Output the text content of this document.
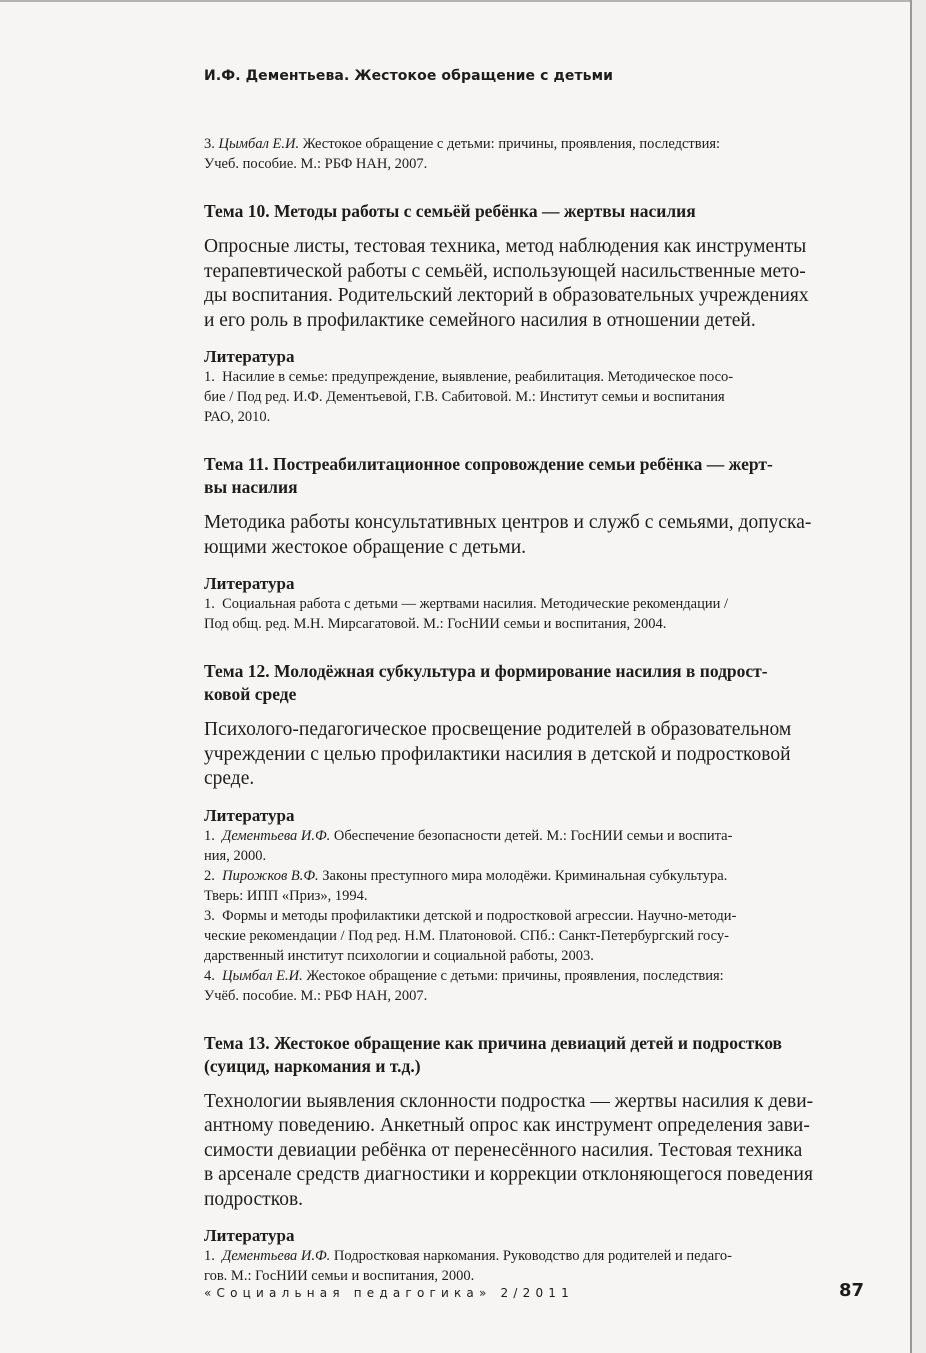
И.Ф. Дементьева. Жестокое обращение с детьми

3. Цымбал Е.И. Жестокое обращение с детьми: причины, проявления, последствия:

Учеб. пособие. М.: РБФ НАН, 2007.

Тема 10. Методы работы с семьёй ребёнка — жертвы насилия

Опросные листы, тестовая техника, метод наблюдения как инструменты

терапевтической работы с семьёй, использующей насильственные мето-

ды воспитания. Родительский лекторий в образовательных учреждениях

и его роль в профилактике семейного насилия в отношении детей.

Литература

1. Насилие в семье: предупреждение, выявление, реабилитация. Методическое посо-

бие / Под ред. И.Ф. Дементьевой, Г.В. Сабитовой. М.: Институт семьи и воспитания

РАО, 2010.

Тема 11. Постреабилитационное сопровождение семьи ребёнка — жерт-

вы насилия

Методика работы консультативных центров и служб с семьями, допуска-

ющими жестокое обращение с детьми.

Литература

1. Социальная работа с детьми — жертвами насилия. Методические рекомендации /

Под общ. ред. М.Н. Мирсагатовой. М.: ГосНИИ семьи и воспитания, 2004.

Тема 12. Молодёжная субкультура и формирование насилия в подрост-

ковой среде

Психолого-педагогическое просвещение родителей в образовательном

учреждении с целью профилактики насилия в детской и подростковой

среде.

Литература

1. Дементьева И.Ф. Обеспечение безопасности детей. М.: ГосНИИ семьи и воспита-

ния, 2000.

2. Пирожков В.Ф. Законы преступного мира молодёжи. Криминальная субкультура.

Тверь: ИПП «Приз», 1994.

3. Формы и методы профилактики детской и подростковой агрессии. Научно-методи-

ческие рекомендации / Под ред. Н.М. Платоновой. СПб.: Санкт-Петербургский госу-

дарственный институт психологии и социальной работы, 2003.

4. Цымбал Е.И. Жестокое обращение с детьми: причины, проявления, последствия:

Учёб. пособие. М.: РБФ НАН, 2007.

Тема 13. Жестокое обращение как причина девиаций детей и подростков

(суицид, наркомания и т.д.)

Технологии выявления склонности подростка — жертвы насилия к деви-

антному поведению. Анкетный опрос как инструмент определения зави-

симости девиации ребёнка от перенесённого насилия. Тестовая техника

в арсенале средств диагностики и коррекции отклоняющегося поведения

подростков.

Литература

1. Дементьева И.Ф. Подростковая наркомания. Руководство для родителей и педаго-

гов. М.: ГосНИИ семьи и воспитания, 2000.

«Социальная педагогика» 2/2011	87
